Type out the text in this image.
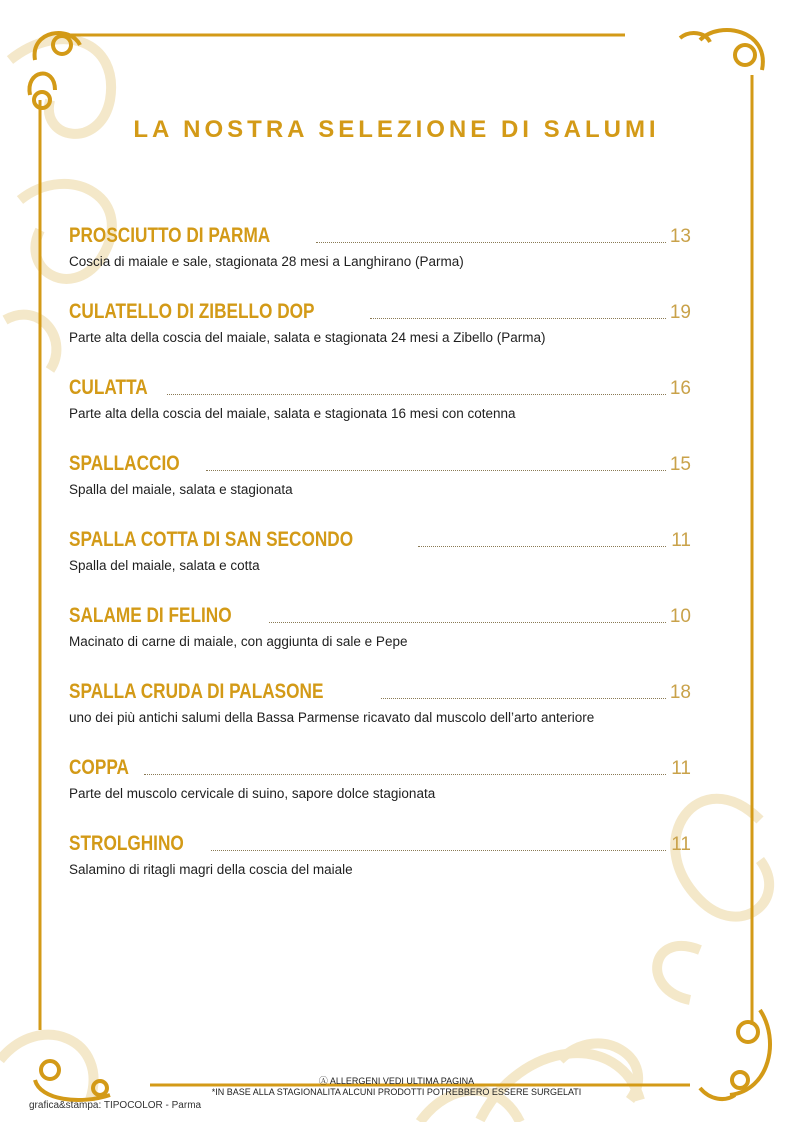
LA NOSTRA SELEZIONE DI SALUMI
PROSCIUTTO DI PARMA	13
Coscia di maiale e sale, stagionata 28 mesi a Langhirano (Parma)
CULATELLO DI ZIBELLO DOP	19
Parte alta della coscia del maiale, salata e stagionata 24 mesi a Zibello (Parma)
CULATTA	16
Parte alta della coscia del maiale, salata e stagionata 16 mesi con cotenna
SPALLACCIO	15
Spalla del maiale, salata e stagionata
SPALLA COTTA DI SAN SECONDO	11
Spalla del maiale, salata e cotta
SALAME DI FELINO	10
Macinato di carne di maiale, con aggiunta di sale e Pepe
SPALLA CRUDA DI PALASONE	18
uno dei più antichi salumi della Bassa Parmense ricavato dal muscolo dell’arto anteriore
COPPA	11
Parte del muscolo cervicale di suino, sapore dolce stagionata
STROLGHINO	11
Salamino di ritagli magri della coscia del maiale
Ⓐ ALLERGENI VEDI ULTIMA PAGINA
*IN BASE ALLA STAGIONALITA ALCUNI PRODOTTI POTREBBERO ESSERE SURGELATI
grafica&stampa: TIPOCOLOR - Parma
